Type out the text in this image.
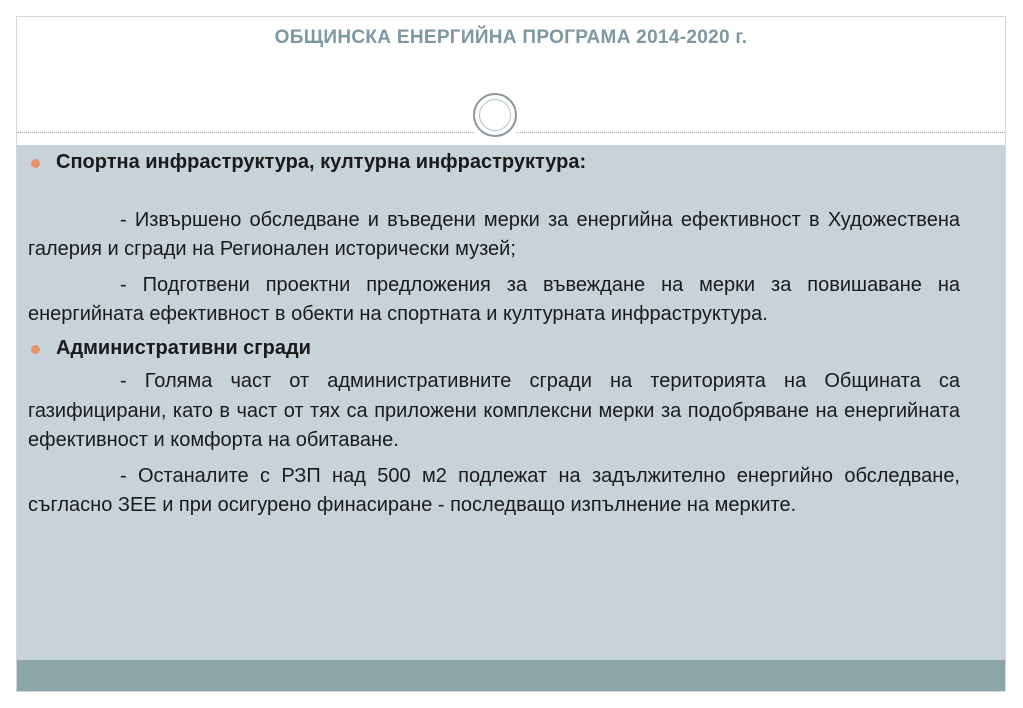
ОБЩИНСКА ЕНЕРГИЙНА ПРОГРАМА 2014-2020 г.

Спортна инфраструктура, културна инфраструктура:

- Извършено обследване и въведени мерки за енергийна ефективност в Художествена галерия и сгради на Регионален исторически музей;

- Подготвени проектни предложения за въвеждане на мерки за повишаване на енергийната ефективност в обекти на спортната и културната инфраструктура.

Административни сгради

- Голяма част от административните сгради на територията на Общината са газифицирани, като в част от тях са приложени комплексни мерки за подобряване на енергийната ефективност и комфорта на обитаване.

- Останалите с РЗП над 500 м2 подлежат на задължително енергийно обследване, съгласно ЗЕЕ и при осигурено финасиране - последващо изпълнение на мерките.
